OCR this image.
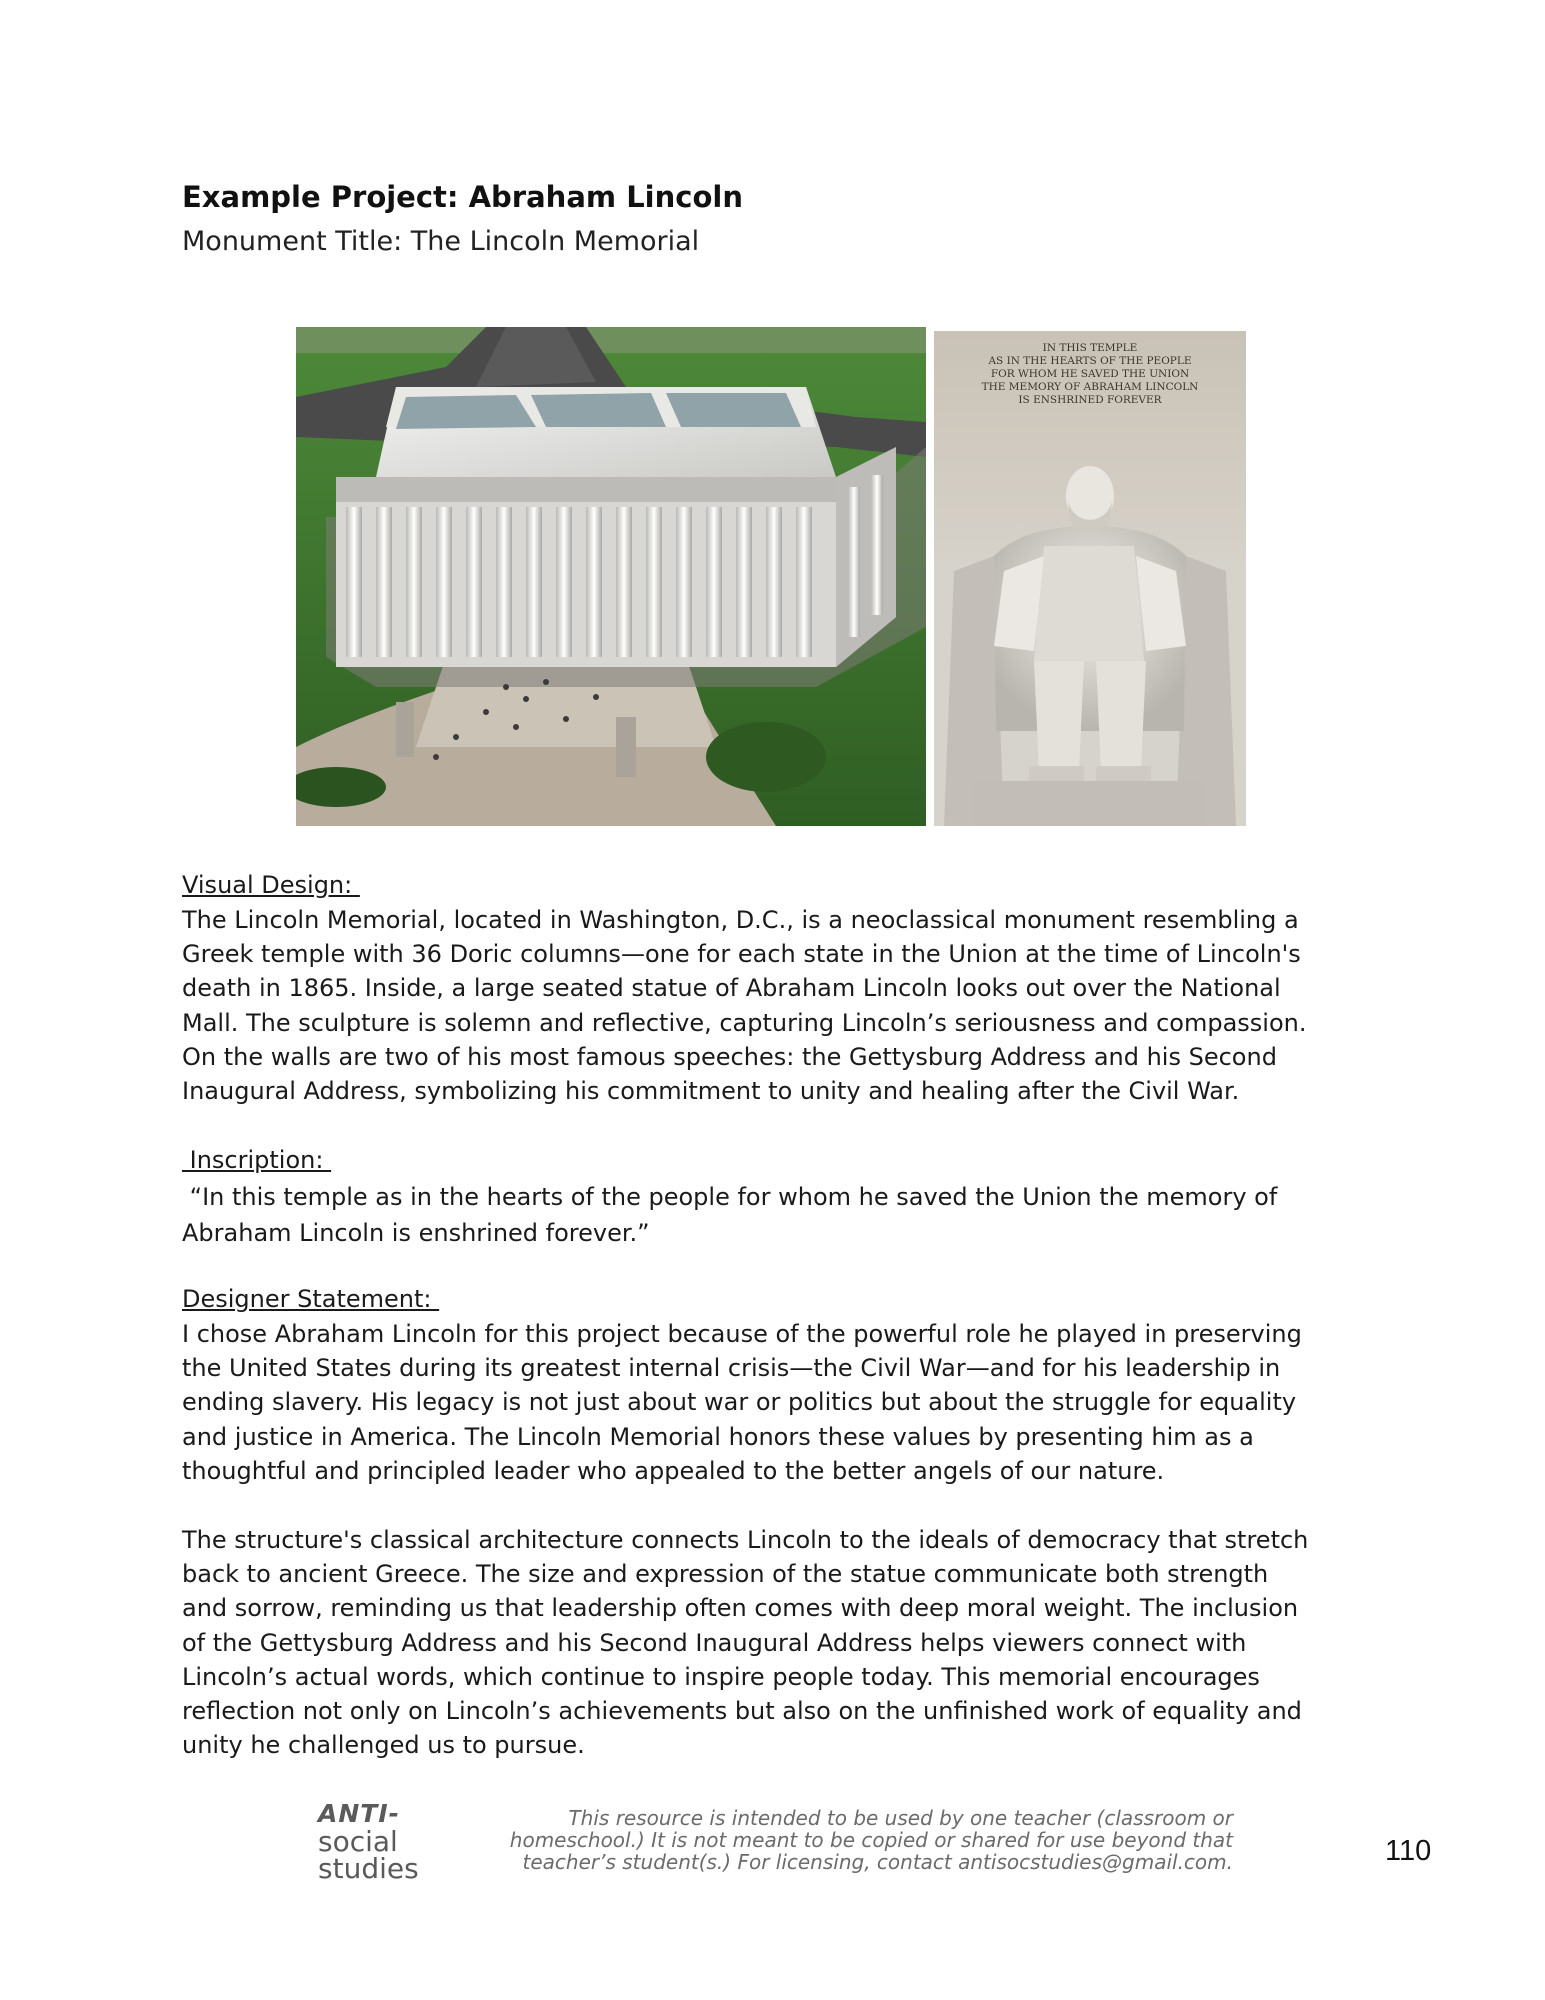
Example Project: Abraham Lincoln
Monument Title: The Lincoln Memorial
IN THIS TEMPLE
AS IN THE HEARTS OF THE PEOPLE
FOR WHOM HE SAVED THE UNION
THE MEMORY OF ABRAHAM LINCOLN
IS ENSHRINED FOREVER
Visual Design:
The Lincoln Memorial, located in Washington, D.C., is a neoclassical monument resembling a
Greek temple with 36 Doric columns—one for each state in the Union at the time of Lincoln's
death in 1865. Inside, a large seated statue of Abraham Lincoln looks out over the National
Mall. The sculpture is solemn and reflective, capturing Lincoln’s seriousness and compassion.
On the walls are two of his most famous speeches: the Gettysburg Address and his Second
Inaugural Address, symbolizing his commitment to unity and healing after the Civil War.
Inscription:
“In this temple as in the hearts of the people for whom he saved the Union the memory of
Abraham Lincoln is enshrined forever.”
Designer Statement:
I chose Abraham Lincoln for this project because of the powerful role he played in preserving
the United States during its greatest internal crisis—the Civil War—and for his leadership in
ending slavery. His legacy is not just about war or politics but about the struggle for equality
and justice in America. The Lincoln Memorial honors these values by presenting him as a
thoughtful and principled leader who appealed to the better angels of our nature.
The structure's classical architecture connects Lincoln to the ideals of democracy that stretch
back to ancient Greece. The size and expression of the statue communicate both strength
and sorrow, reminding us that leadership often comes with deep moral weight. The inclusion
of the Gettysburg Address and his Second Inaugural Address helps viewers connect with
Lincoln’s actual words, which continue to inspire people today. This memorial encourages
reflection not only on Lincoln’s achievements but also on the unfinished work of equality and
unity he challenged us to pursue.
ANTI-
social
studies
This resource is intended to be used by one teacher (classroom or
homeschool.) It is not meant to be copied or shared for use beyond that
teacher’s student(s.) For licensing, contact antisocstudies@gmail.com.	110
